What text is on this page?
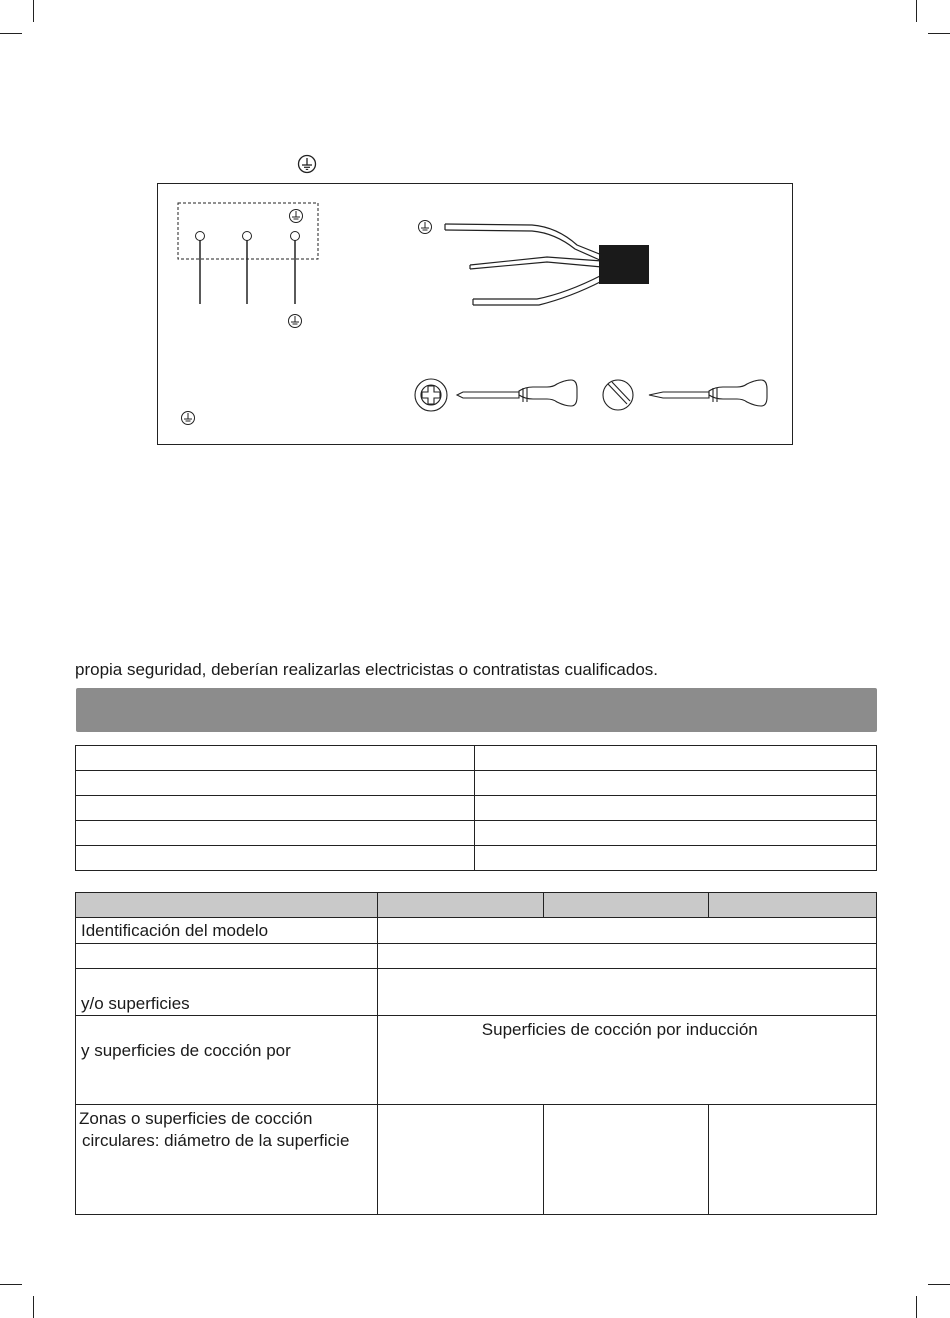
propia seguridad, deberían realizarlas electricistas o contratistas cualificados.

Identificación del modelo			

y/o superficies			
y superficies de cocción por	Superficies de cocción por inducción		

Zonas o superficies de cocción
circulares: diámetro de la superficie			
